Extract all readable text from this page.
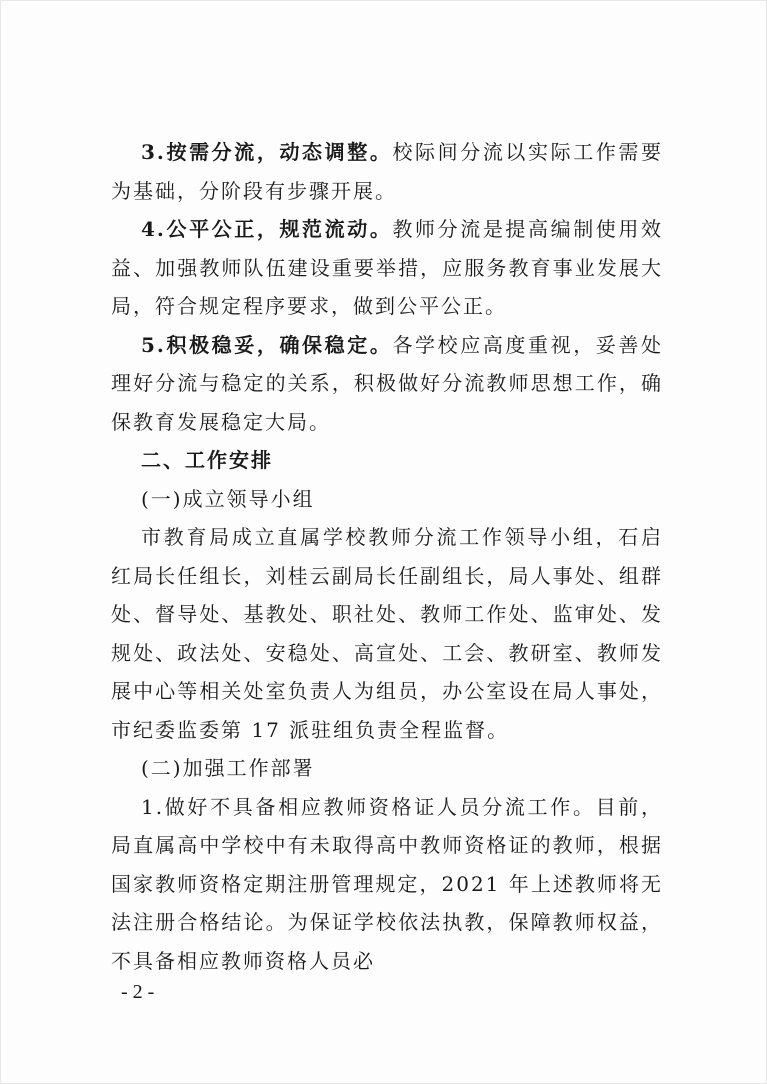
3.按需分流，动态调整。校际间分流以实际工作需要为基础，分阶段有步骤开展。

4.公平公正，规范流动。教师分流是提高编制使用效益、加强教师队伍建设重要举措，应服务教育事业发展大局，符合规定程序要求，做到公平公正。

5.积极稳妥，确保稳定。各学校应高度重视，妥善处理好分流与稳定的关系，积极做好分流教师思想工作，确保教育发展稳定大局。

二、工作安排

(一)成立领导小组

市教育局成立直属学校教师分流工作领导小组，石启红局长任组长，刘桂云副局长任副组长，局人事处、组群处、督导处、基教处、职社处、教师工作处、监审处、发规处、政法处、安稳处、高宣处、工会、教研室、教师发展中心等相关处室负责人为组员，办公室设在局人事处，市纪委监委第 17 派驻组负责全程监督。

(二)加强工作部署

1.做好不具备相应教师资格证人员分流工作。目前，局直属高中学校中有未取得高中教师资格证的教师，根据国家教师资格定期注册管理规定，2021 年上述教师将无法注册合格结论。为保证学校依法执教，保障教师权益，不具备相应教师资格人员必

- 2 -
